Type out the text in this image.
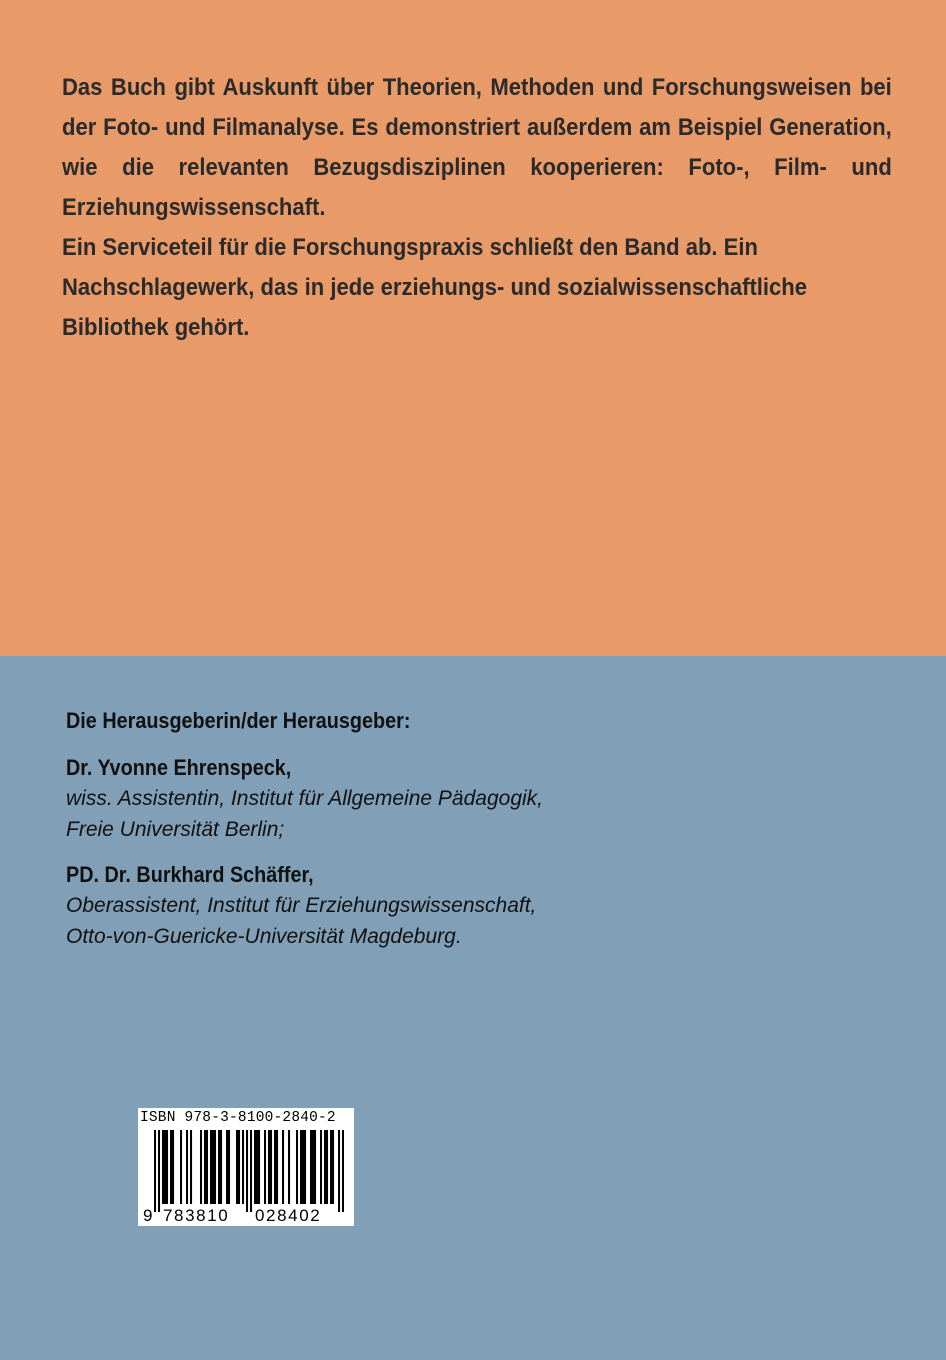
Das Buch gibt Auskunft über Theorien, Methoden und Forschungsweisen bei der Foto- und Filmanalyse. Es demonstriert außerdem am Beispiel Generation, wie die relevanten Bezugsdisziplinen kooperieren: Foto-, Film- und Erziehungswissenschaft.

Ein Serviceteil für die Forschungspraxis schließt den Band ab. Ein Nachschlagewerk, das in jede erziehungs- und sozialwissenschaftliche Bibliothek gehört.

Die Herausgeberin/der Herausgeber:
Dr. Yvonne Ehrenspeck,
wiss. Assistentin, Institut für Allgemeine Pädagogik,
Freie Universität Berlin;
PD. Dr. Burkhard Schäffer,
Oberassistent, Institut für Erziehungswissenschaft,
Otto-von-Guericke-Universität Magdeburg.
ISBN 978-3-8100-2840-2
9 783810 028402
